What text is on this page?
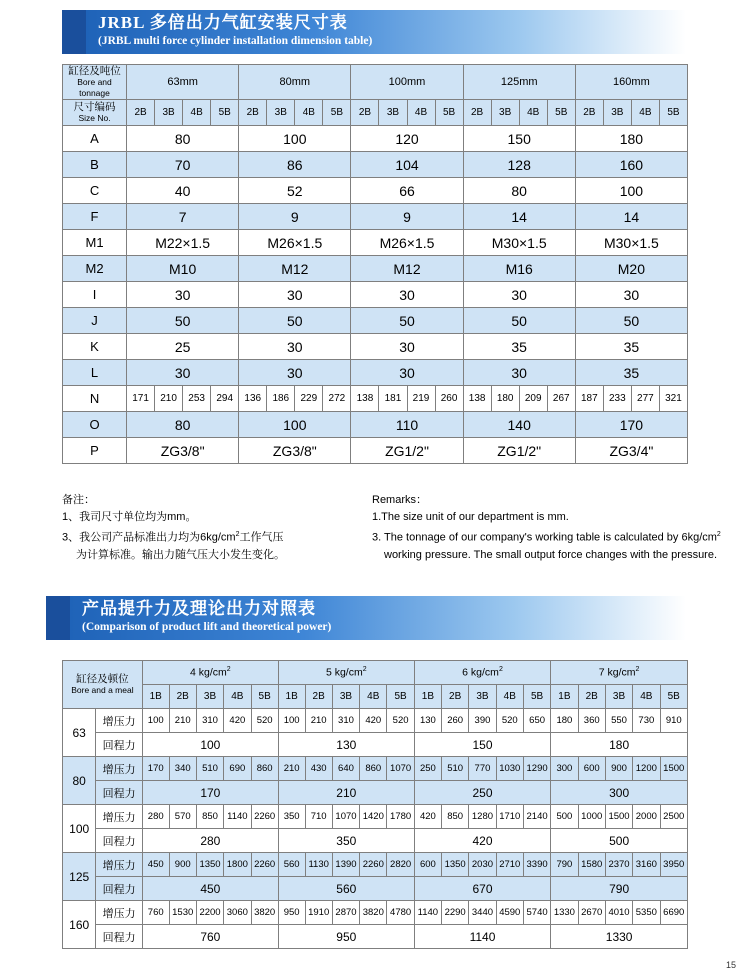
JRBL 多倍出力气缸安装尺寸表
(JRBL multi force cylinder installation dimension table)
缸径及吨位
Bore and tonnage	63mm				80mm				100mm				125mm				160mm			

尺寸编码
Size No.	2B	3B	4B	5B	2B	3B	4B	5B	2B	3B	4B	5B	2B	3B	4B	5B	2B	3B	4B	5B
A	80				100				120				150				180			
B	70				86				104				128				160			
C	40				52				66				80				100			
F	7				9				9				14				14			
M1	M22×1.5				M26×1.5				M26×1.5				M30×1.5				M30×1.5			
M2	M10				M12				M12				M16				M20			
I	30				30				30				30				30			
J	50				50				50				50				50			
K	25				30				30				35				35			
L	30				30				30				30				35			
N	171	210	253	294	136	186	229	272	138	181	219	260	138	180	209	267	187	233	277	321
O	80				100				110				140				170			
P	ZG3/8"				ZG3/8"				ZG1/2"				ZG1/2"				ZG3/4"			
备注：
1、我司尺寸单位均为mm。
3、我公司产品标准出力均为$6kg/cm^2$工作气压
为计算标准。输出力随气压大小发生变化。
Remarks：
1.The size unit of our department is mm.
3. The tonnage of our company's working table is calculated by $6kg/cm^2$
working pressure. The small output force changes with the pressure.
产品提升力及理论出力对照表
(Comparison of product lift and theoretical power)
缸径及顿位
Bore and a meal		4 $kg/cm^2$					5 $kg/cm^2$					6 $kg/cm^2$					7 $kg/cm^2$
		1B	2B	3B	4B	5B	1B	2B	3B	4B	5B	1B	2B	3B	4B	5B	1B	2B	3B	4B	5B
63	增压力	100	210	310	420	520	100	210	310	420	520	130	260	390	520	650	180	360	550	730	910
	回程力	100					130					150					180				
80	增压力	170	340	510	690	860	210	430	640	860	1070	250	510	770	1030	1290	300	600	900	1200	1500
	回程力	170					210					250					300				
100	增压力	280	570	850	1140	2260	350	710	1070	1420	1780	420	850	1280	1710	2140	500	1000	1500	2000	2500
	回程力	280					350					420					500				
125	增压力	450	900	1350	1800	2260	560	1130	1390	2260	2820	600	1350	2030	2710	3390	790	1580	2370	3160	3950
	回程力	450					560					670					790				
160	增压力	760	1530	2200	3060	3820	950	1910	2870	3820	4780	1140	2290	3440	4590	5740	1330	2670	4010	5350	6690
	回程力	760					950					1140					1330				
15
